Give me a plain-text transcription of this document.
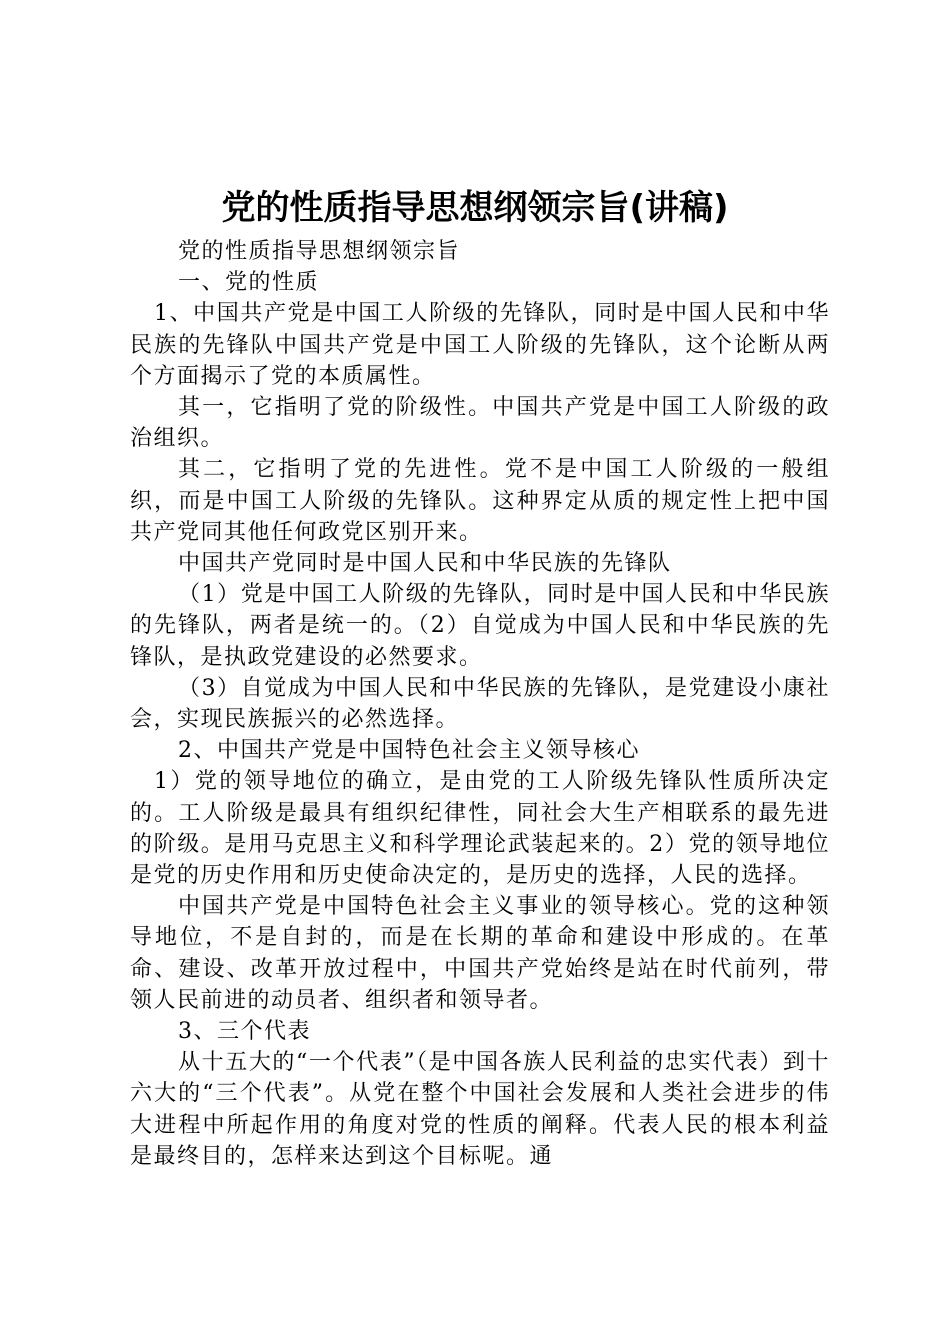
党的性质指导思想纲领宗旨(讲稿)

党的性质指导思想纲领宗旨

一、党的性质

1、中国共产党是中国工人阶级的先锋队，同时是中国人民和中华民族的先锋队中国共产党是中国工人阶级的先锋队，这个论断从两个方面揭示了党的本质属性。

其一，它指明了党的阶级性。中国共产党是中国工人阶级的政治组织。

其二，它指明了党的先进性。党不是中国工人阶级的一般组织，而是中国工人阶级的先锋队。这种界定从质的规定性上把中国共产党同其他任何政党区别开来。

中国共产党同时是中国人民和中华民族的先锋队

（1）党是中国工人阶级的先锋队，同时是中国人民和中华民族的先锋队，两者是统一的。（2）自觉成为中国人民和中华民族的先锋队，是执政党建设的必然要求。

（3）自觉成为中国人民和中华民族的先锋队，是党建设小康社会，实现民族振兴的必然选择。

2、中国共产党是中国特色社会主义领导核心

1）党的领导地位的确立，是由党的工人阶级先锋队性质所决定的。工人阶级是最具有组织纪律性，同社会大生产相联系的最先进的阶级。是用马克思主义和科学理论武装起来的。2）党的领导地位是党的历史作用和历史使命决定的，是历史的选择，人民的选择。

中国共产党是中国特色社会主义事业的领导核心。党的这种领导地位，不是自封的，而是在长期的革命和建设中形成的。在革命、建设、改革开放过程中，中国共产党始终是站在时代前列，带领人民前进的动员者、组织者和领导者。

3、三个代表

从十五大的“一个代表”（是中国各族人民利益的忠实代表）到十六大的“三个代表”。从党在整个中国社会发展和人类社会进步的伟大进程中所起作用的角度对党的性质的阐释。代表人民的根本利益是最终目的，怎样来达到这个目标呢。通
